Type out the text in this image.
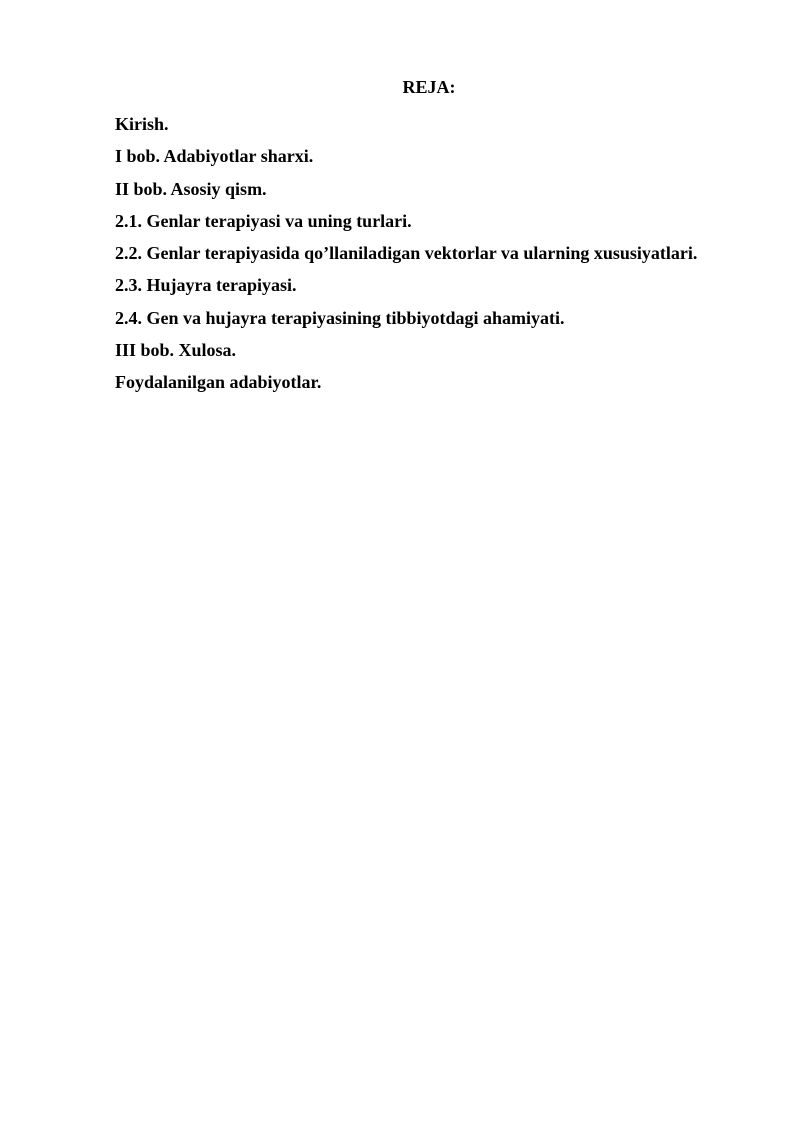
REJA:
Kirish.
I bob. Adabiyotlar sharxi.
II bob. Asosiy qism.
2.1. Genlar terapiyasi va uning turlari.
2.2. Genlar terapiyasida qo’llaniladigan vektorlar va ularning xususiyatlari.
2.3. Hujayra terapiyasi.
2.4. Gen va hujayra terapiyasining tibbiyotdagi ahamiyati.
III bob. Xulosa.
Foydalanilgan adabiyotlar.
